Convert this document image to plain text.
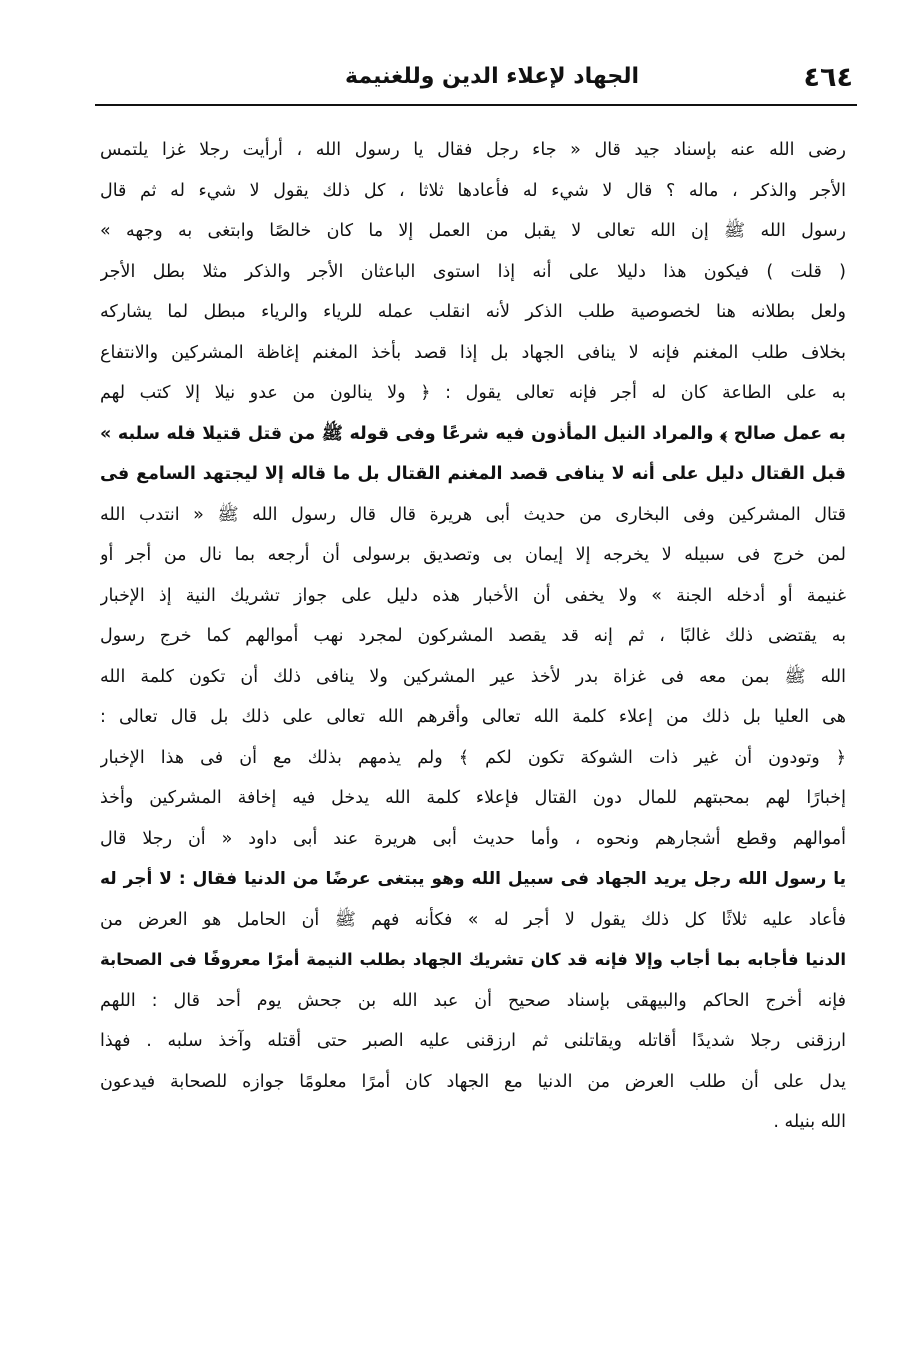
٤٦٤
الجهاد لإعلاء الدين وللغنيمة
رضى الله عنه بإسناد جيد قال « جاء رجل فقال يا رسول الله ، أرأيت رجلا غزا يلتمس
الأجر والذكر ، ماله ؟ قال لا شيء له فأعادها ثلاثا ، كل ذلك يقول لا شيء له ثم قال
رسول الله ﷺ إن الله تعالى لا يقبل من العمل إلا ما كان خالصًا وابتغى به وجهه »
( قلت ) فيكون هذا دليلا على أنه إذا استوى الباعثان الأجر والذكر مثلا بطل الأجر
ولعل بطلانه هنا لخصوصية طلب الذكر لأنه انقلب عمله للرياء والرياء مبطل لما يشاركه
بخلاف طلب المغنم فإنه لا ينافى الجهاد بل إذا قصد بأخذ المغنم إغاظة المشركين والانتفاع
به على الطاعة كان له أجر فإنه تعالى يقول : ﴿ ولا ينالون من عدو نيلا إلا كتب لهم
به عمل صالح ﴾ والمراد النيل المأذون فيه شرعًا وفى قوله ﷺ من قتل قتيلا فله سلبه »
قبل القتال دليل على أنه لا ينافى قصد المغنم القتال بل ما قاله إلا ليجتهد السامع فى
قتال المشركين وفى البخارى من حديث أبى هريرة قال قال رسول الله ﷺ « انتدب الله
لمن خرج فى سبيله لا يخرجه إلا إيمان بى وتصديق برسولى أن أرجعه بما نال من أجر أو
غنيمة أو أدخله الجنة » ولا يخفى أن الأخبار هذه دليل على جواز تشريك النية إذ الإخبار
به يقتضى ذلك غالبًا ، ثم إنه قد يقصد المشركون لمجرد نهب أموالهم كما خرج رسول
الله ﷺ بمن معه فى غزاة بدر لأخذ عير المشركين ولا ينافى ذلك أن تكون كلمة الله
هى العليا بل ذلك من إعلاء كلمة الله تعالى وأقرهم الله تعالى على ذلك بل قال تعالى :
﴿ وتودون أن غير ذات الشوكة تكون لكم ﴾ ولم يذمهم بذلك مع أن فى هذا الإخبار
إخبارًا لهم بمحبتهم للمال دون القتال فإعلاء كلمة الله يدخل فيه إخافة المشركين وأخذ
أموالهم وقطع أشجارهم ونحوه ، وأما حديث أبى هريرة عند أبى داود « أن رجلا قال
يا رسول الله رجل يريد الجهاد فى سبيل الله وهو يبتغى عرضًا من الدنيا فقال : لا أجر له
فأعاد عليه ثلاثًا كل ذلك يقول لا أجر له » فكأنه فهم ﷺ أن الحامل هو العرض من
الدنيا فأجابه بما أجاب وإلا فإنه قد كان تشريك الجهاد بطلب النيمة أمرًا معروفًا فى الصحابة
فإنه أخرج الحاكم والبيهقى بإسناد صحيح أن عبد الله بن جحش يوم أحد قال : اللهم
ارزقنى رجلا شديدًا أقاتله ويقاتلنى ثم ارزقنى عليه الصبر حتى أقتله وآخذ سلبه . فهذا
يدل على أن طلب العرض من الدنيا مع الجهاد كان أمرًا معلومًا جوازه للصحابة فيدعون
الله بنيله .
